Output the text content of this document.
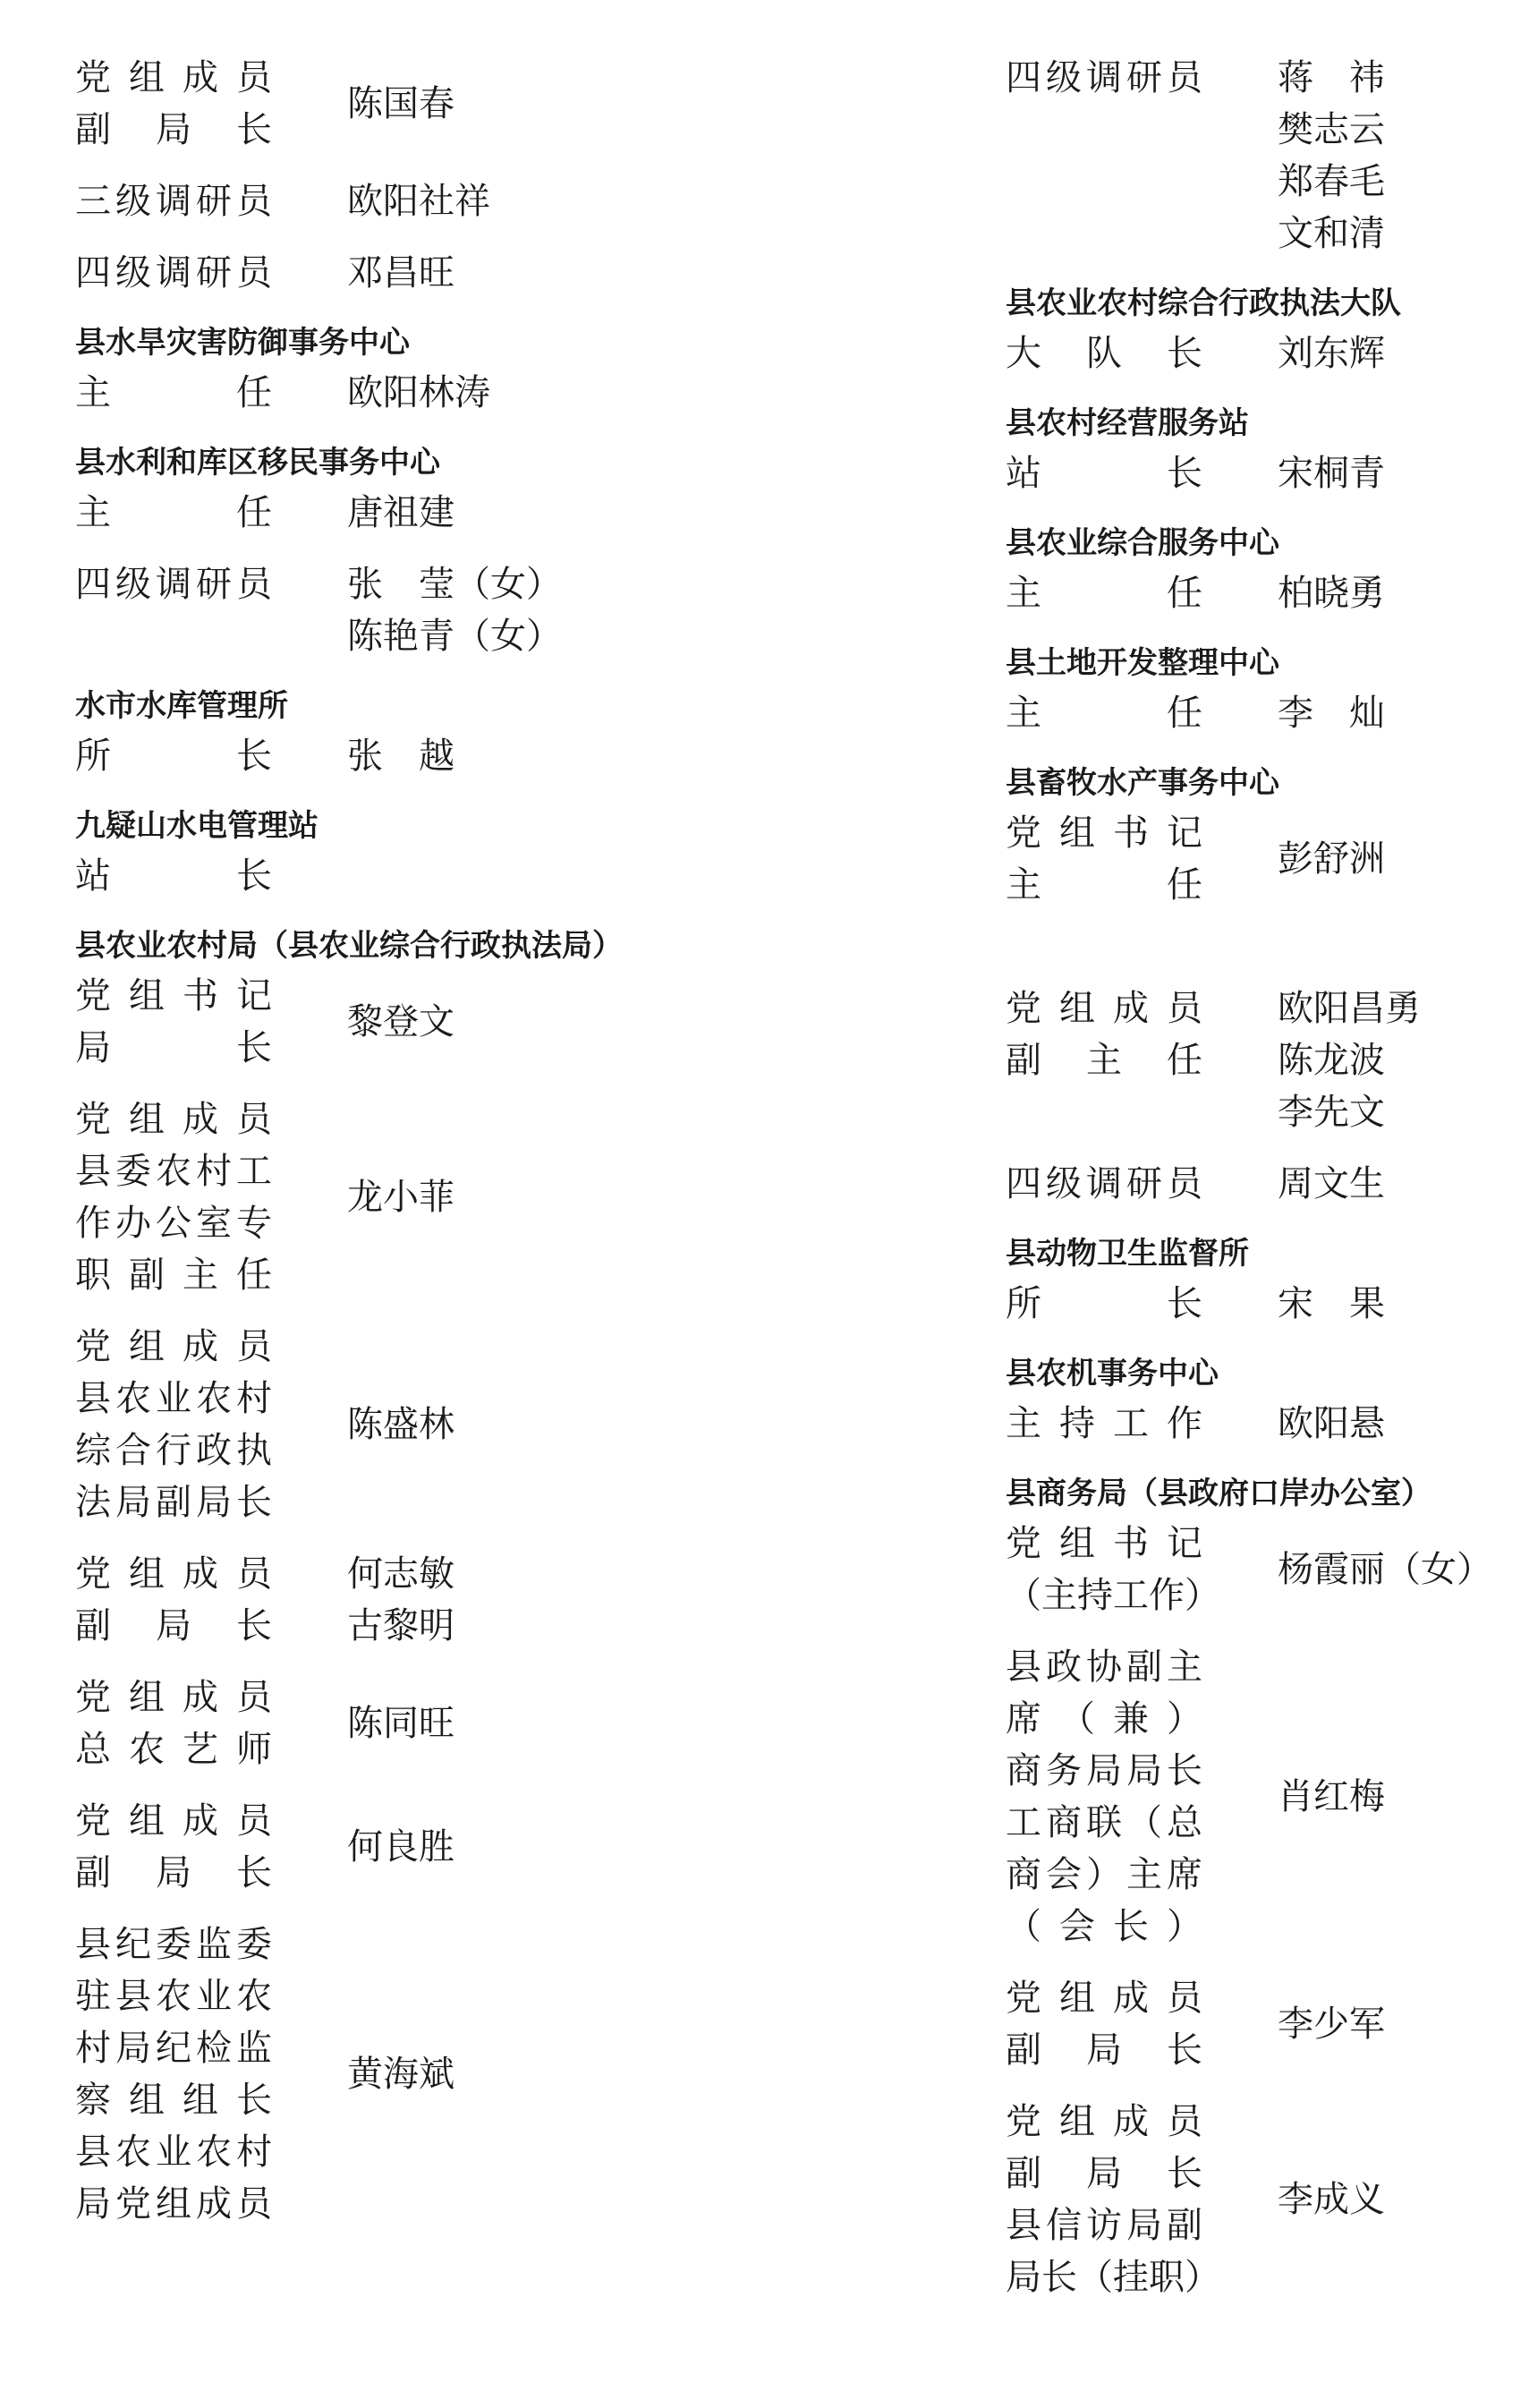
党组成员
副局长
陈国春
三级调研员 欧阳社祥
四级调研员 邓昌旺
县水旱灾害防御事务中心
主任 欧阳林涛
县水利和库区移民事务中心
主任 唐祖建
四级调研员 张　莹（女）
陈艳青（女）
水市水库管理所
所长 张　越
九疑山水电管理站
站长
县农业农村局（县农业综合行政执法局）
党组书记
局长
黎登文
党组成员
县委农村工
作办公室专
职副主任
龙小菲
党组成员
县农业农村
综合行政执
法局副局长
陈盛林
党组成员
副局长
何志敏
古黎明
党组成员
总农艺师
陈同旺
党组成员
副局长
何良胜
县纪委监委
驻县农业农
村局纪检监
察组组长
县农业农村
局党组成员
黄海斌
四级调研员 蒋　祎
樊志云
郑春毛
文和清
县农业农村综合行政执法大队
大队长 刘东辉
县农村经营服务站
站长 宋桐青
县农业综合服务中心
主任 柏晓勇
县土地开发整理中心
主任 李　灿
县畜牧水产事务中心
党组书记
主任
彭舒洲
党组成员
副主任
欧阳昌勇
陈龙波
李先文
四级调研员 周文生
县动物卫生监督所
所长 宋　果
县农机事务中心
主持工作 欧阳悬
县商务局（县政府口岸办公室）
党组书记
（主持工作）
杨霞丽（女）
县政协副主
席（兼）
商务局局长
工商联（总
商会）主席
（会长）
肖红梅
党组成员
副局长
李少军
党组成员
副局长
县信访局副
局长（挂职）
李成义
